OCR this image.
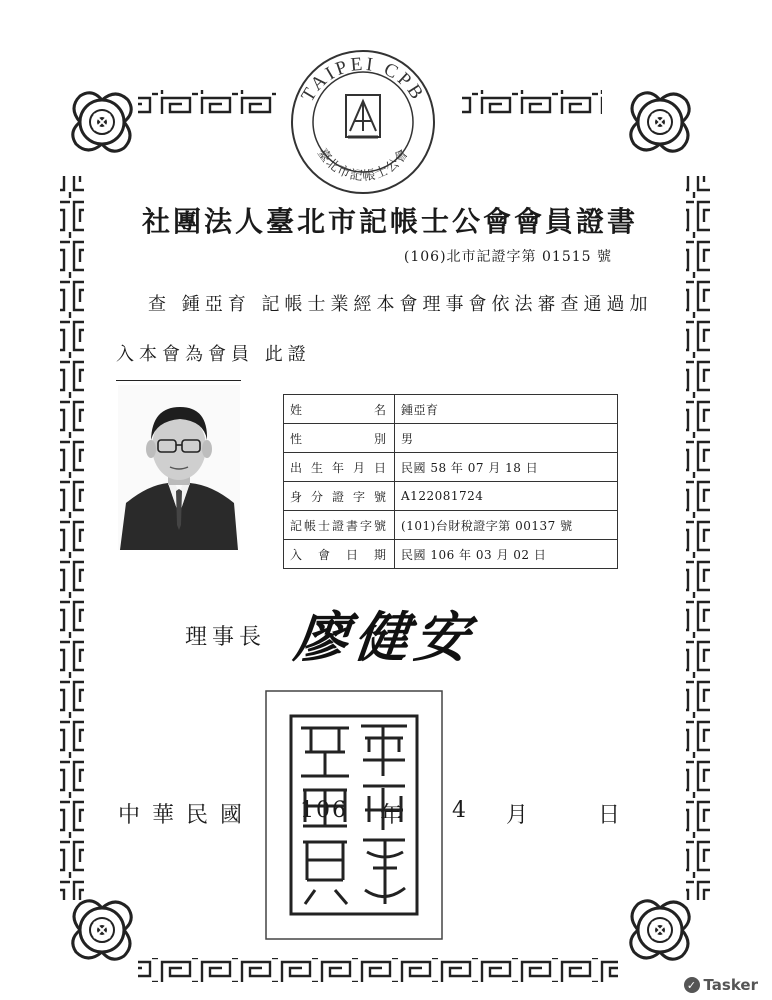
TAIPEI CPB
臺北市記帳士公會
社團法人臺北市記帳士公會會員證書
(106)北市記證字第 01515 號
查 鍾亞育 記帳士業經本會理事會依法審查通過加
入本會為會員 此證
姓 名	鍾亞育

性 別	男

出 生 年 月 日	民國 58 年 07 月 18 日

身 分 證 字 號	A122081724
記帳士證書字號	(101)台財稅證字第 00137 號

入 會 日 期	民國 106 年 03 月 02 日
理事長 廖健安
中華民國 106 年 4 月	日
✓ Tasker
